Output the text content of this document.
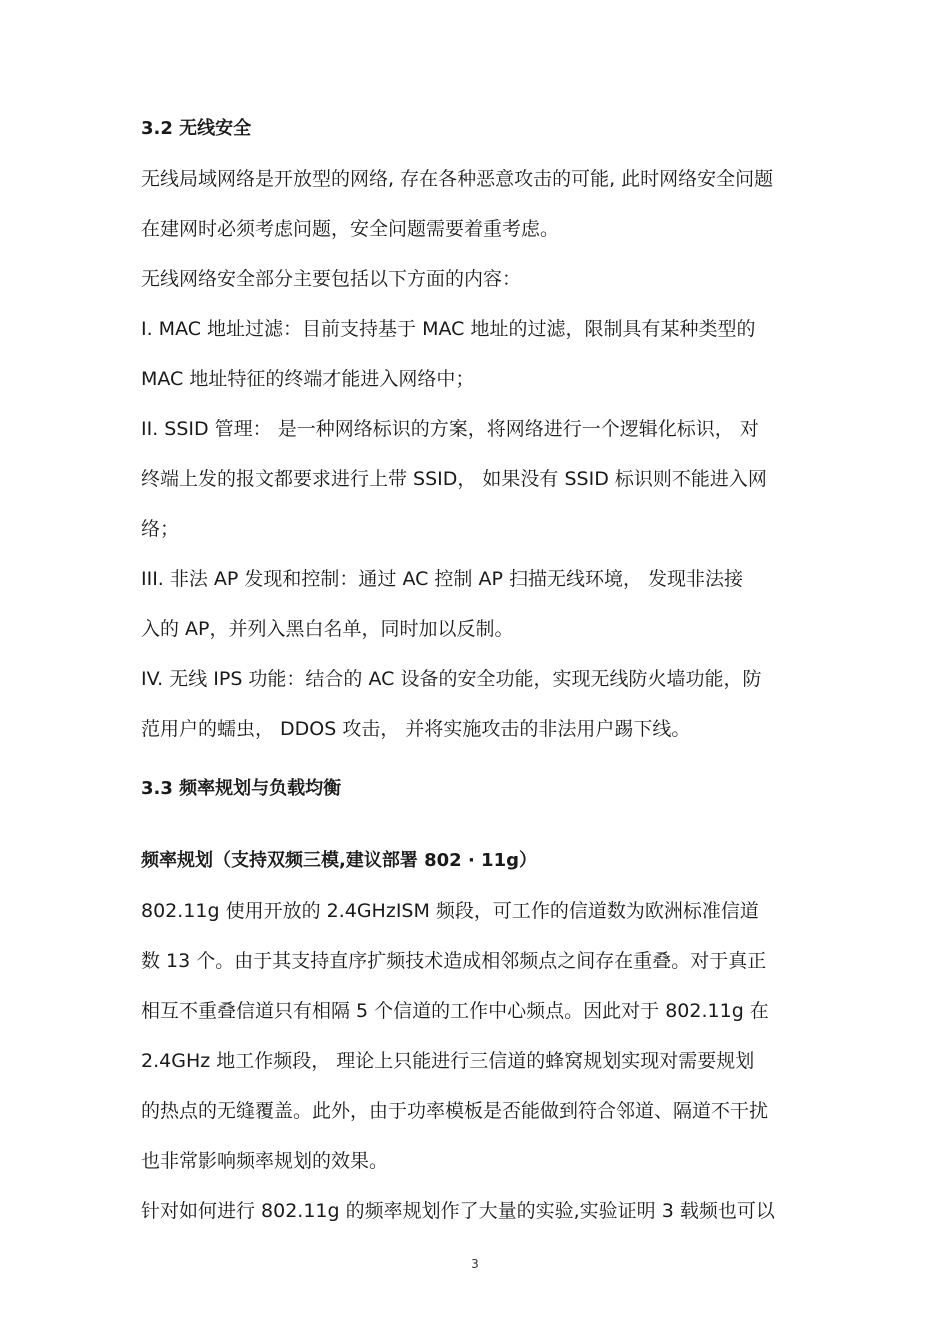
3.2 无线安全
无线局域网络是开放型的网络, 存在各种恶意攻击的可能, 此时网络安全问题
在建网时必须考虑问题，安全问题需要着重考虑。
无线网络安全部分主要包括以下方面的内容：
I. MAC 地址过滤：目前支持基于 MAC 地址的过滤，限制具有某种类型的
MAC 地址特征的终端才能进入网络中；
II. SSID 管理： 是一种网络标识的方案，将网络进行一个逻辑化标识， 对
终端上发的报文都要求进行上带 SSID， 如果没有 SSID 标识则不能进入网
络；
III. 非法 AP 发现和控制：通过 AC 控制 AP 扫描无线环境， 发现非法接
入的 AP，并列入黑白名单，同时加以反制。
IV. 无线 IPS 功能：结合的 AC 设备的安全功能，实现无线防火墙功能，防
范用户的蠕虫， DDOS 攻击， 并将实施攻击的非法用户踢下线。
3.3 频率规划与负载均衡
频率规划（支持双频三模,建议部署 802 · 11g）
802.11g 使用开放的 2.4GHzISM 频段，可工作的信道数为欧洲标准信道
数 13 个。由于其支持直序扩频技术造成相邻频点之间存在重叠。对于真正
相互不重叠信道只有相隔 5 个信道的工作中心频点。因此对于 802.11g 在
2.4GHz 地工作频段， 理论上只能进行三信道的蜂窝规划实现对需要规划
的热点的无缝覆盖。此外，由于功率模板是否能做到符合邻道、隔道不干扰
也非常影响频率规划的效果。
针对如何进行 802.11g 的频率规划作了大量的实验,实验证明 3 载频也可以
3
